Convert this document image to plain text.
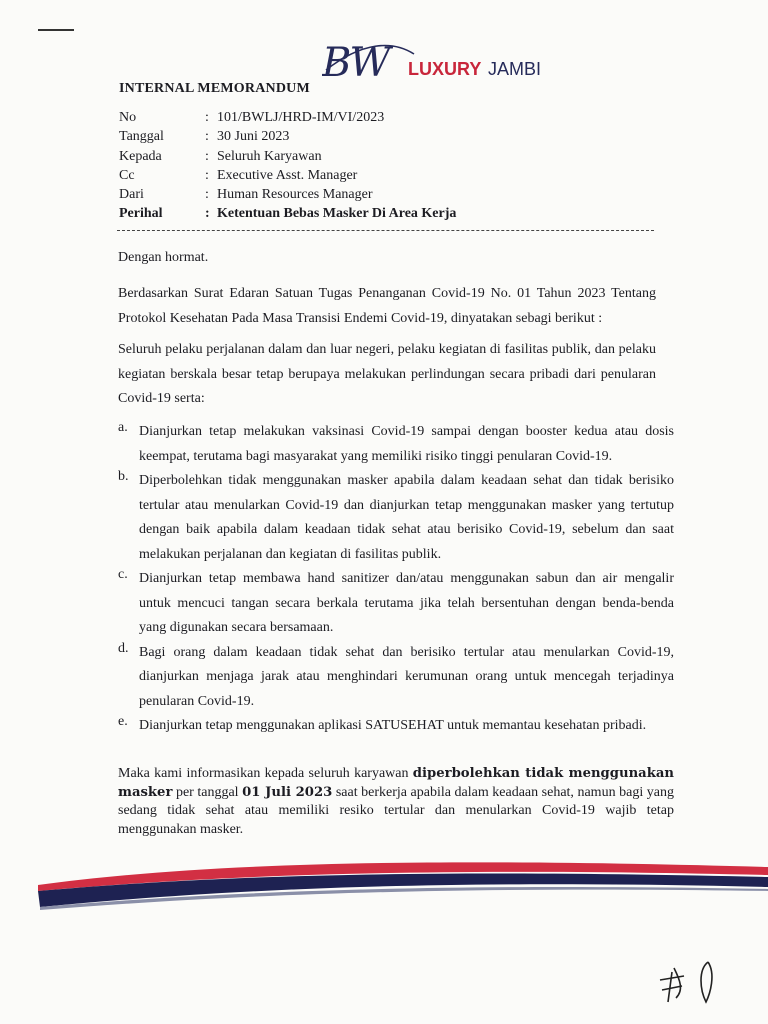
BW LUXURY JAMBI
INTERNAL MEMORANDUM
No	: 101/BWLJ/HRD-IM/VI/2023
Tanggal	: 30 Juni 2023
Kepada	: Seluruh Karyawan
Cc	: Executive Asst. Manager
Dari	: Human Resources Manager
Perihal	: Ketentuan Bebas Masker Di Area Kerja
Dengan hormat.
Berdasarkan Surat Edaran Satuan Tugas Penanganan Covid-19 No. 01 Tahun 2023 Tentang Protokol Kesehatan Pada Masa Transisi Endemi Covid-19, dinyatakan sebagi berikut :
Seluruh pelaku perjalanan dalam dan luar negeri, pelaku kegiatan di fasilitas publik, dan pelaku kegiatan berskala besar tetap berupaya melakukan perlindungan secara pribadi dari penularan Covid-19 serta:
a. Dianjurkan tetap melakukan vaksinasi Covid-19 sampai dengan booster kedua atau dosis keempat, terutama bagi masyarakat yang memiliki risiko tinggi penularan Covid-19.
b. Diperbolehkan tidak menggunakan masker apabila dalam keadaan sehat dan tidak berisiko tertular atau menularkan Covid-19 dan dianjurkan tetap menggunakan masker yang tertutup dengan baik apabila dalam keadaan tidak sehat atau berisiko Covid-19, sebelum dan saat melakukan perjalanan dan kegiatan di fasilitas publik.
c. Dianjurkan tetap membawa hand sanitizer dan/atau menggunakan sabun dan air mengalir untuk mencuci tangan secara berkala terutama jika telah bersentuhan dengan benda-benda yang digunakan secara bersamaan.
d. Bagi orang dalam keadaan tidak sehat dan berisiko tertular atau menularkan Covid-19, dianjurkan menjaga jarak atau menghindari kerumunan orang untuk mencegah terjadinya penularan Covid-19.
e. Dianjurkan tetap menggunakan aplikasi SATUSEHAT untuk memantau kesehatan pribadi.
Maka kami informasikan kepada seluruh karyawan diperbolehkan tidak menggunakan masker per tanggal 01 Juli 2023 saat berkerja apabila dalam keadaan sehat, namun bagi yang sedang tidak sehat atau memiliki resiko tertular dan menularkan Covid-19 wajib tetap menggunakan masker.
